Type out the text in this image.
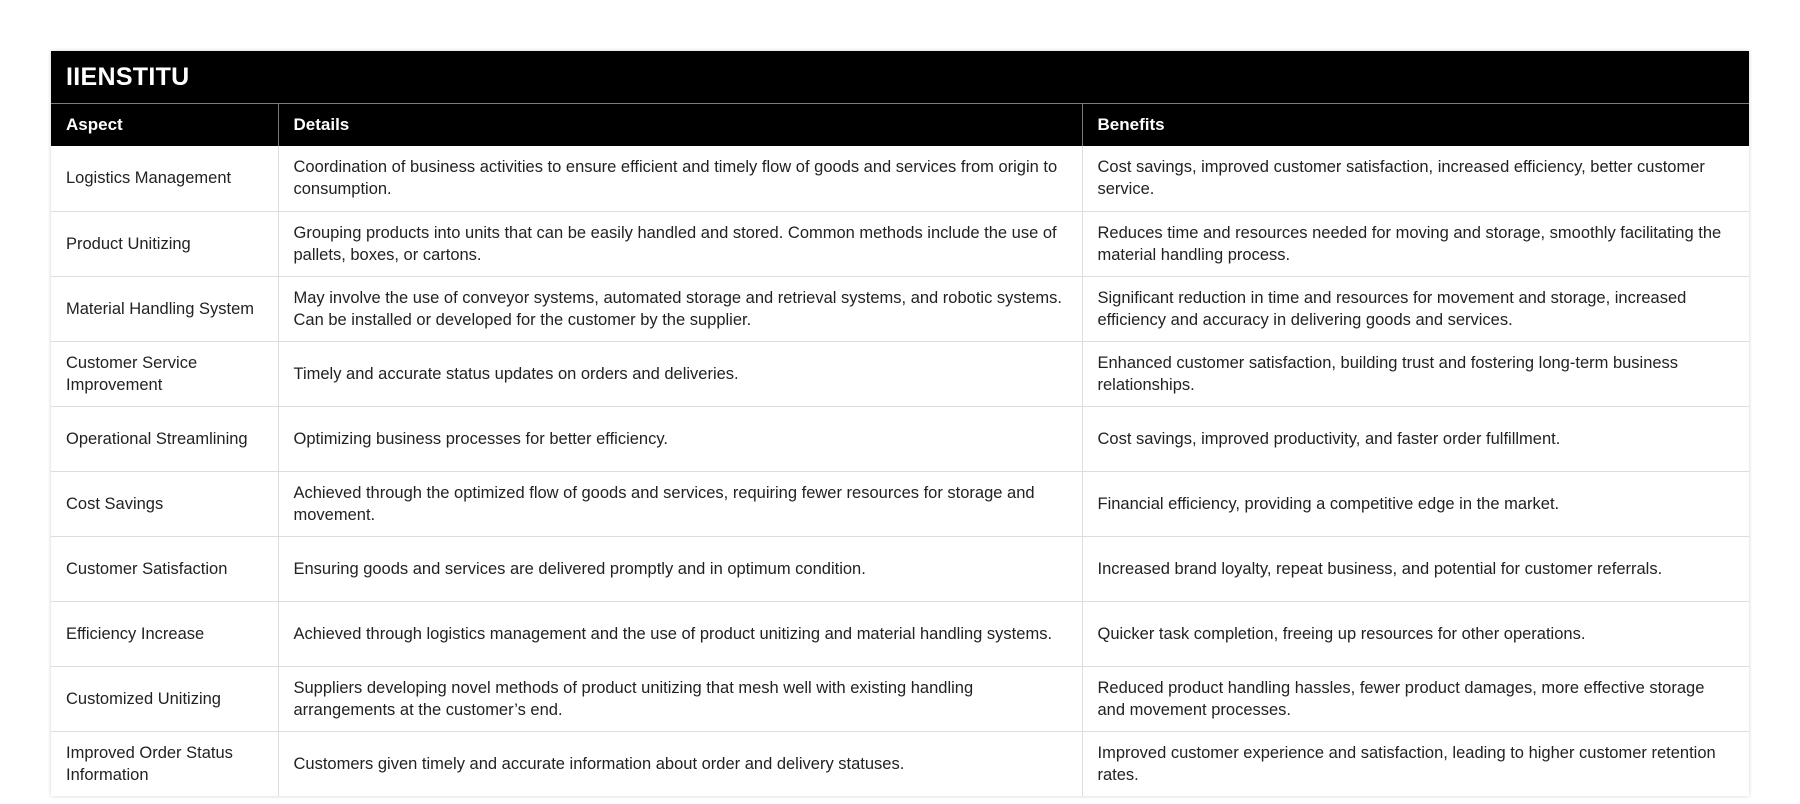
IIENSTITU
Aspect	Details	Benefits
Logistics Management	Coordination of business activities to ensure efficient and timely flow of goods and services from origin to consumption.	Cost savings, improved customer satisfaction, increased efficiency, better customer service.
Product Unitizing	Grouping products into units that can be easily handled and stored. Common methods include the use of pallets, boxes, or cartons.	Reduces time and resources needed for moving and storage, smoothly facilitating the material handling process.
Material Handling System	May involve the use of conveyor systems, automated storage and retrieval systems, and robotic systems. Can be installed or developed for the customer by the supplier.	Significant reduction in time and resources for movement and storage, increased efficiency and accuracy in delivering goods and services.
Customer Service Improvement	Timely and accurate status updates on orders and deliveries.	Enhanced customer satisfaction, building trust and fostering long-term business relationships.
Operational Streamlining	Optimizing business processes for better efficiency.	Cost savings, improved productivity, and faster order fulfillment.
Cost Savings	Achieved through the optimized flow of goods and services, requiring fewer resources for storage and movement.	Financial efficiency, providing a competitive edge in the market.
Customer Satisfaction	Ensuring goods and services are delivered promptly and in optimum condition.	Increased brand loyalty, repeat business, and potential for customer referrals.
Efficiency Increase	Achieved through logistics management and the use of product unitizing and material handling systems.	Quicker task completion, freeing up resources for other operations.
Customized Unitizing	Suppliers developing novel methods of product unitizing that mesh well with existing handling arrangements at the customer’s end.	Reduced product handling hassles, fewer product damages, more effective storage and movement processes.
Improved Order Status Information	Customers given timely and accurate information about order and delivery statuses.	Improved customer experience and satisfaction, leading to higher customer retention rates.
